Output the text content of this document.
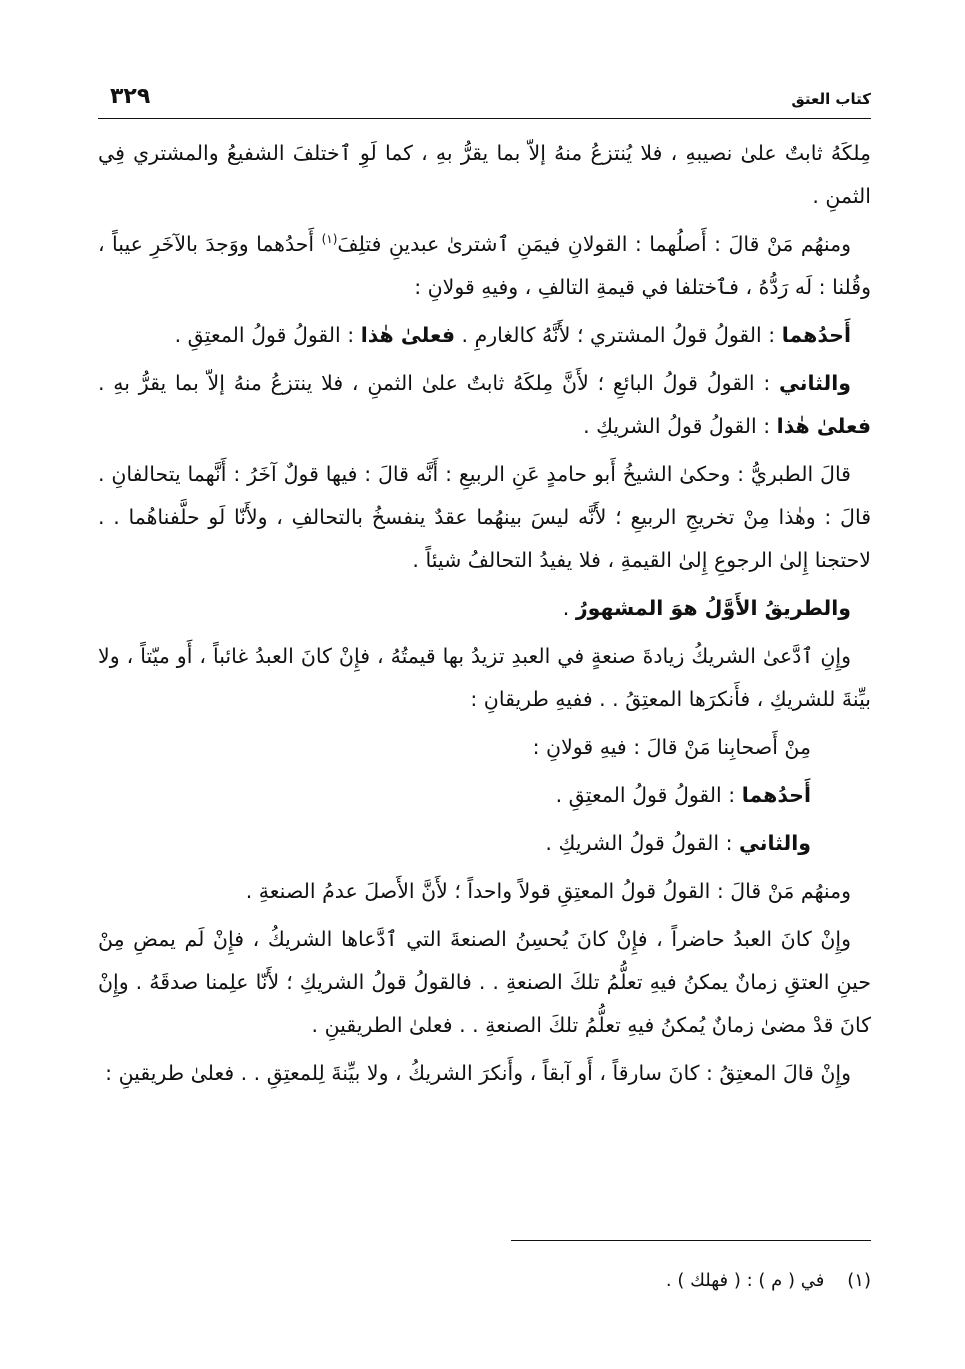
كتاب العتق
٣٢٩

مِلكَهُ ثابتٌ علىٰ نصيبهِ ، فلا يُنتزعُ منهُ إلاّ بما يقرُّ بهِ ، كما لَوِ ٱختلفَ الشفيعُ والمشتري فِي الثمنِ .

ومنهُم مَنْ قالَ : أَصلُهما : القولانِ فيمَنِ ٱشترىٰ عبدينِ فتلِفَ$^{(١)}$ أَحدُهما ووَجدَ بالآخَرِ عيباً ، وقُلنا : لَه رَدُّهُ ، فٱختلفا في قيمةِ التالفِ ، وفيهِ قولانِ :

أَحدُهما : القولُ قولُ المشتري ؛ لأَنَّهُ كالغارمِ . فعلىٰ هٰذا : القولُ قولُ المعتِقِ .

والثاني : القولُ قولُ البائعِ ؛ لأَنَّ مِلكَهُ ثابتٌ علىٰ الثمنِ ، فلا ينتزعُ منهُ إلاّ بما يقرُّ بهِ . فعلىٰ هٰذا : القولُ قولُ الشريكِ .

قالَ الطبريُّ : وحكىٰ الشيخُ أَبو حامدٍ عَنِ الربيعِ : أَنَّه قالَ : فيها قولٌ آخَرُ : أَنَّهما يتحالفانِ . قالَ : وهٰذا مِنْ تخريجِ الربيعِ ؛ لأَنَّه ليسَ بينهُما عقدٌ ينفسخُ بالتحالفِ ، ولأَنّا لَو حلَّفناهُما . . لاحتجنا إِلىٰ الرجوعِ إِلىٰ القيمةِ ، فلا يفيدُ التحالفُ شيئاً .

والطريقُ الأَوَّلُ هوَ المشهورُ .

وإِنِ ٱدَّعىٰ الشريكُ زيادةَ صنعةٍ في العبدِ تزيدُ بها قيمتُهُ ، فإِنْ كانَ العبدُ غائباً ، أَو ميّتاً ، ولا بيِّنةَ للشريكِ ، فأَنكرَها المعتِقُ . . ففيهِ طريقانِ :

مِنْ أَصحابِنا مَنْ قالَ : فيهِ قولانِ :

أَحدُهما : القولُ قولُ المعتِقِ .

والثاني : القولُ قولُ الشريكِ .

ومنهُم مَنْ قالَ : القولُ قولُ المعتِقِ قولاً واحداً ؛ لأَنَّ الأَصلَ عدمُ الصنعةِ .

وإِنْ كانَ العبدُ حاضراً ، فإِنْ كانَ يُحسِنُ الصنعةَ التي ٱدَّعاها الشريكُ ، فإِنْ لَم يمضِ مِنْ حينِ العتقِ زمانٌ يمكنُ فيهِ تعلُّمُ تلكَ الصنعةِ . . فالقولُ قولُ الشريكِ ؛ لأَنّا علِمنا صدقَهُ . وإِنْ كانَ قدْ مضىٰ زمانٌ يُمكنُ فيهِ تعلُّمُ تلكَ الصنعةِ . . فعلىٰ الطريقينِ .

وإِنْ قالَ المعتِقُ : كانَ سارقاً ، أَو آبقاً ، وأَنكرَ الشريكُ ، ولا بيِّنةَ لِلمعتِقِ . . فعلىٰ طريقينِ :

(١)    في ( م ) : ( فهلك ) .
